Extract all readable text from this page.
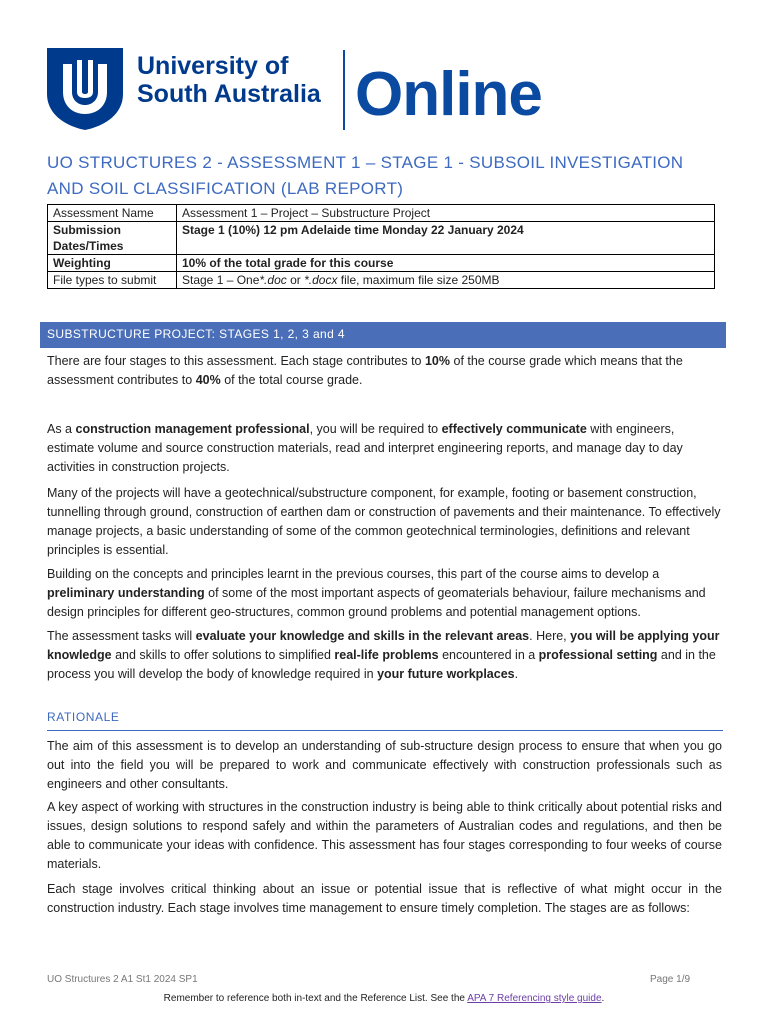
University of
South Australia Online
UO STRUCTURES 2 - ASSESSMENT 1 – STAGE 1 - SUBSOIL INVESTIGATION
AND SOIL CLASSIFICATION (LAB REPORT)
Assessment Name	Assessment 1 – Project – Substructure Project
Submission Dates/Times	Stage 1 (10%) 12 pm Adelaide time Monday 22 January 2024
Weighting	10% of the total grade for this course
File types to submit	Stage 1 – One*.doc or *.docx file, maximum file size 250MB
SUBSTRUCTURE PROJECT: STAGES 1, 2, 3 and 4
There are four stages to this assessment. Each stage contributes to 10% of the course grade which means that the assessment contributes to 40% of the total course grade.
As a construction management professional, you will be required to effectively communicate with engineers, estimate volume and source construction materials, read and interpret engineering reports, and manage day to day activities in construction projects.
Many of the projects will have a geotechnical/substructure component, for example, footing or basement construction, tunnelling through ground, construction of earthen dam or construction of pavements and their maintenance. To effectively manage projects, a basic understanding of some of the common geotechnical terminologies, definitions and relevant principles is essential.
Building on the concepts and principles learnt in the previous courses, this part of the course aims to develop a preliminary understanding of some of the most important aspects of geomaterials behaviour, failure mechanisms and design principles for different geo-structures, common ground problems and potential management options.
The assessment tasks will evaluate your knowledge and skills in the relevant areas. Here, you will be applying your knowledge and skills to offer solutions to simplified real-life problems encountered in a professional setting and in the process you will develop the body of knowledge required in your future workplaces.
RATIONALE
The aim of this assessment is to develop an understanding of sub-structure design process to ensure that when you go out into the field you will be prepared to work and communicate effectively with construction professionals such as engineers and other consultants.
A key aspect of working with structures in the construction industry is being able to think critically about potential risks and issues, design solutions to respond safely and within the parameters of Australian codes and regulations, and then be able to communicate your ideas with confidence. This assessment has four stages corresponding to four weeks of course materials.
Each stage involves critical thinking about an issue or potential issue that is reflective of what might occur in the construction industry. Each stage involves time management to ensure timely completion. The stages are as follows:
UO Structures 2 A1 St1 2024 SP1	Page 1/9
Remember to reference both in-text and the Reference List. See the APA 7 Referencing style guide.
